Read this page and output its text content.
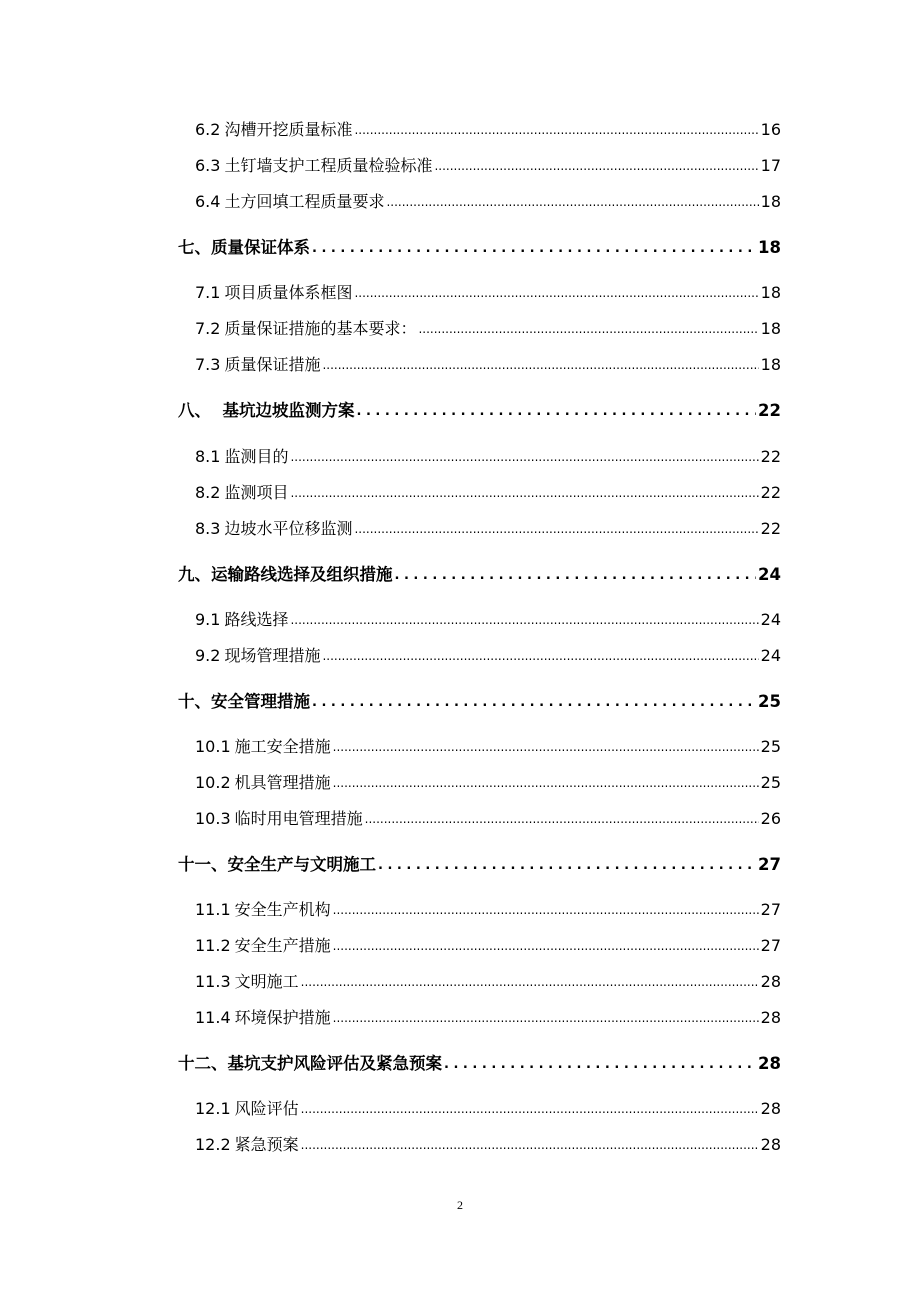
6.2 沟槽开挖质量标准 .....	16
6.3 土钉墙支护工程质量检验标准 .....	17
6.4 土方回填工程质量要求 .....	18
七、 质量保证体系 . . .	18
7.1 项目质量体系框图 .....	18
7.2 质量保证措施的基本要求： .....	18
7.3 质量保证措施 .....	18
八、 基坑边坡监测方案 . . .	22
8.1 监测目的 .....	22
8.2 监测项目 .....	22
8.3 边坡水平位移监测 .....	22
九、 运输路线选择及组织措施 . . .	24
9.1 路线选择 .....	24
9.2 现场管理措施 .....	24
十、 安全管理措施 . . .	25
10.1 施工安全措施 .....	25
10.2 机具管理措施 .....	25
10.3 临时用电管理措施 .....	26
十一、 安全生产与文明施工 . . .	27
11.1 安全生产机构 .....	27
11.2 安全生产措施 .....	27
11.3 文明施工 .....	28
11.4 环境保护措施 .....	28
十二、 基坑支护风险评估及紧急预案 . . .	28
12.1 风险评估 .....	28
12.2 紧急预案 .....	28
2
